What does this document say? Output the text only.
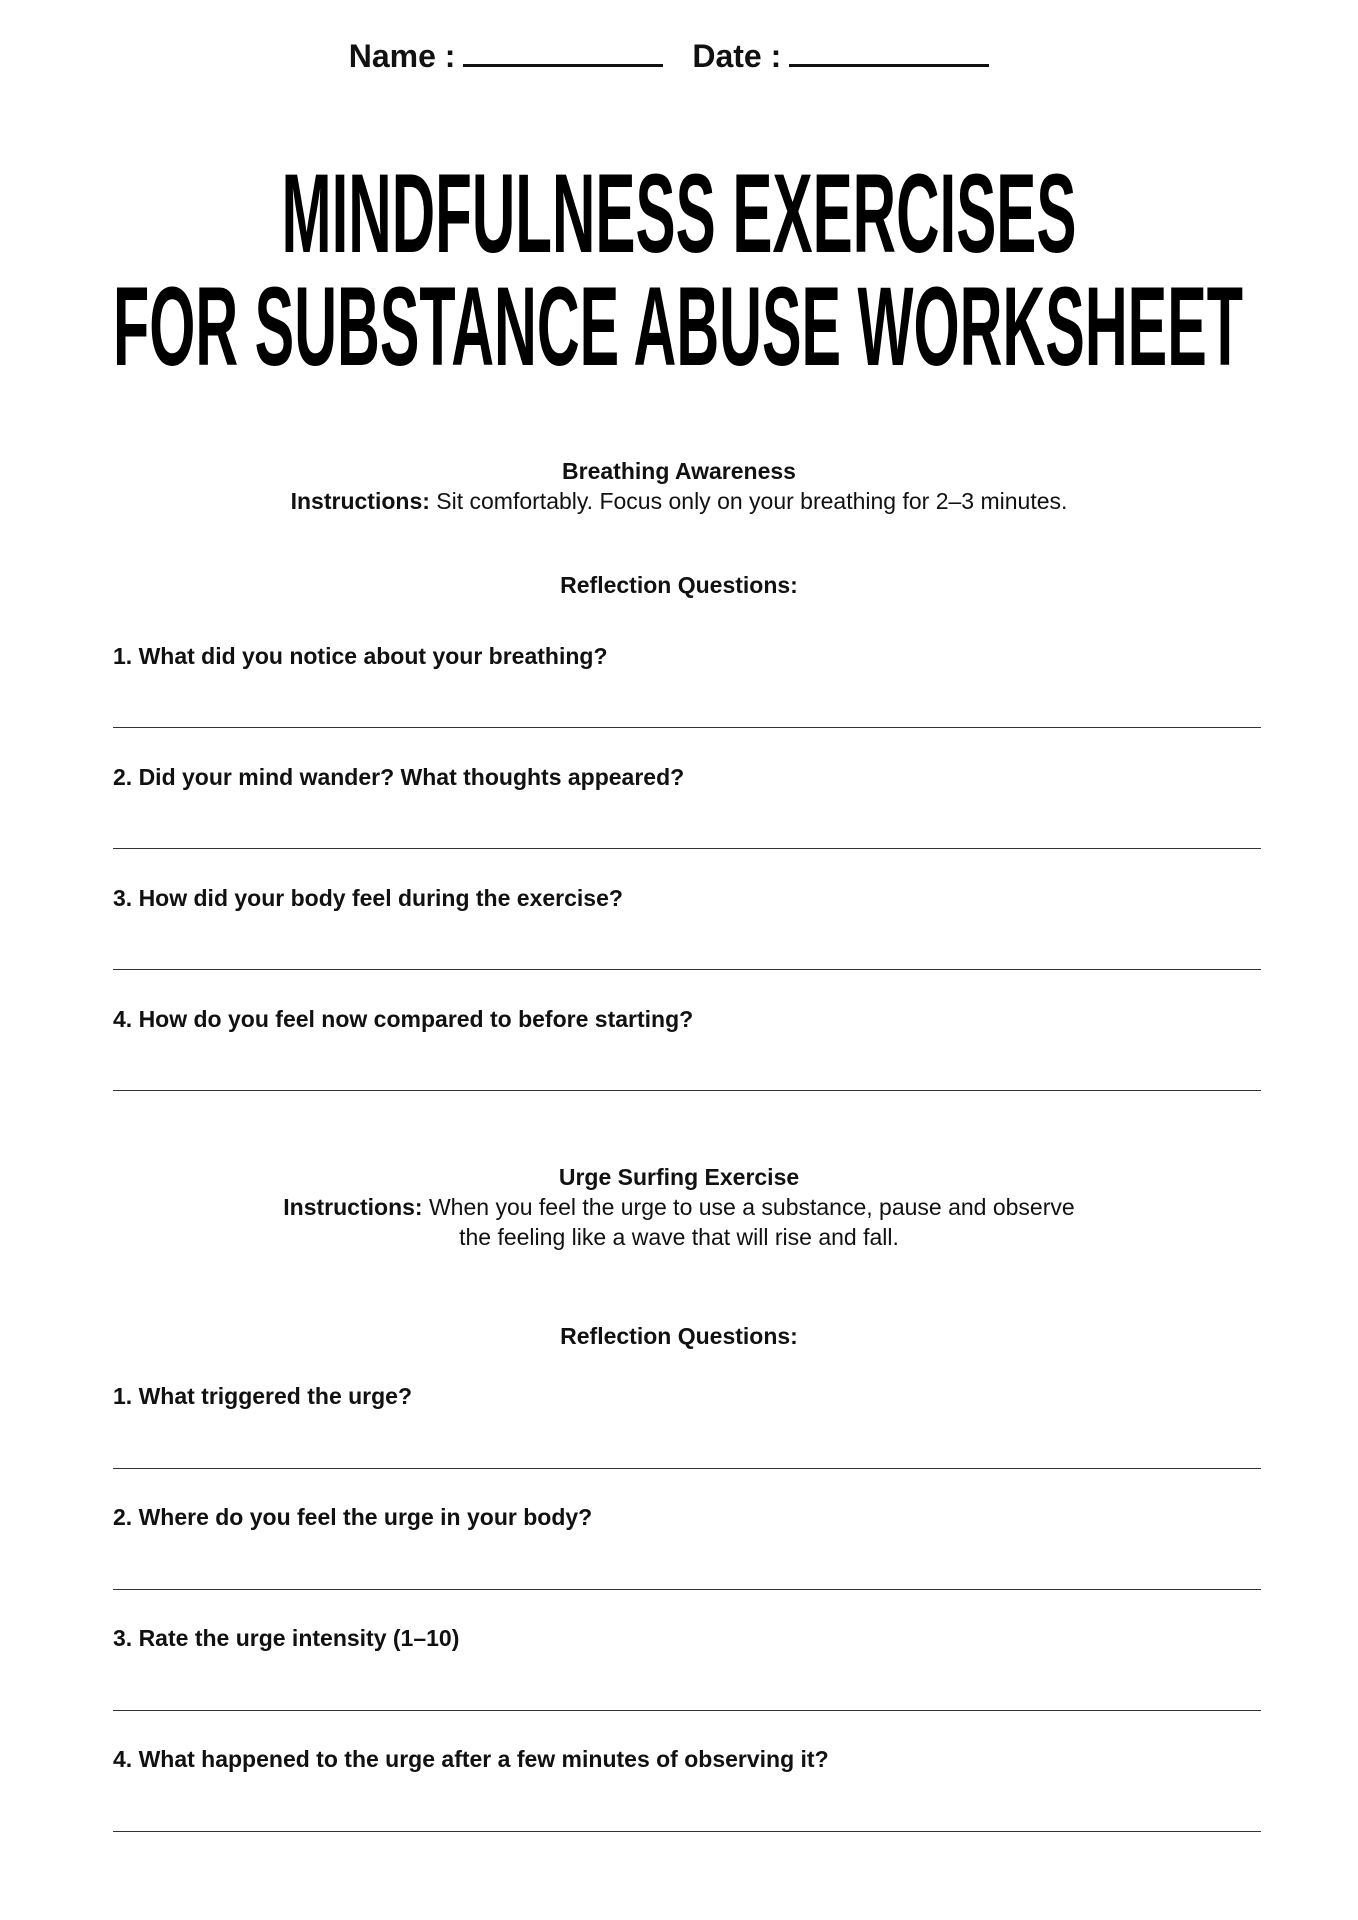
Name :	Date :
MINDFULNESS EXERCISES
FOR SUBSTANCE ABUSE WORKSHEET
Breathing Awareness
Instructions: Sit comfortably. Focus only on your breathing for 2–3 minutes.
Reflection Questions:
1. What did you notice about your breathing?
2. Did your mind wander? What thoughts appeared?
3. How did your body feel during the exercise?
4. How do you feel now compared to before starting?
Urge Surfing Exercise
Instructions: When you feel the urge to use a substance, pause and observe
the feeling like a wave that will rise and fall.
Reflection Questions:
1. What triggered the urge?
2. Where do you feel the urge in your body?
3. Rate the urge intensity (1–10)
4. What happened to the urge after a few minutes of observing it?
